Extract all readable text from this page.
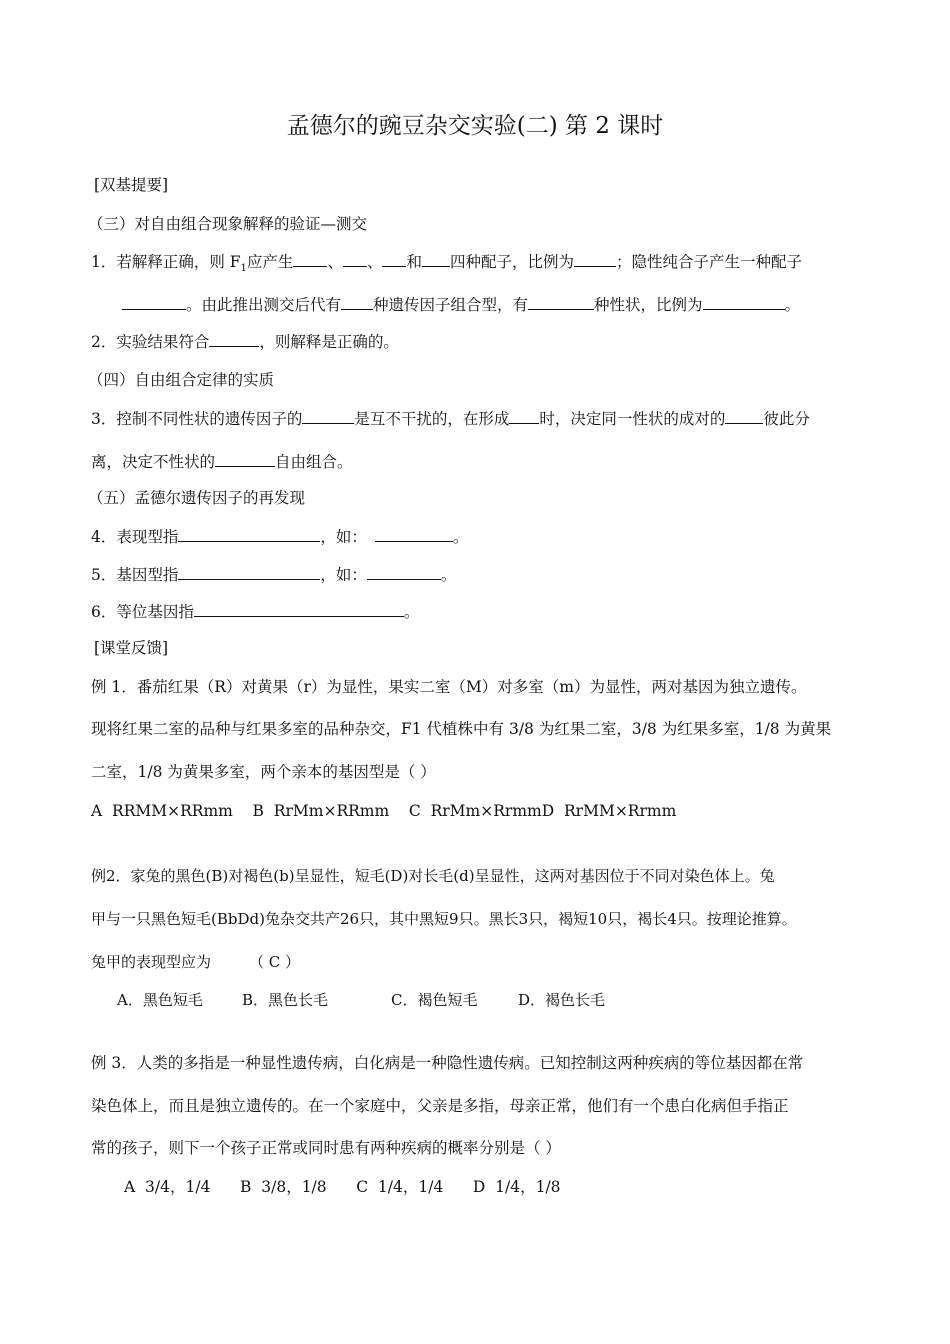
孟德尔的豌豆杂交实验(二) 第 2 课时
[双基提要]
（三）对自由组合现象解释的验证—测交
1．若解释正确，则 $F_1$应产生 、 、 和 四种配子，比例为	；隐性纯合子产生一种配子
。由此推出测交后代有 种遗传因子组合型，有	种性状，比例为	。
2．实验结果符合	，则解释是正确的。
（四）自由组合定律的实质
3．控制不同性状的遗传因子的	是互不干扰的，在形成 时，决定同一性状的成对的 彼此分
离，决定不性状的	自由组合。
（五）孟德尔遗传因子的再发现
4．表现型指	，如：	。
5．基因型指	，如：	。
6．等位基因指	。
[课堂反馈]
例 1．番茄红果（R）对黄果（r）为显性，果实二室（M）对多室（m）为显性，两对基因为独立遗传。
现将红果二室的品种与红果多室的品种杂交，F1 代植株中有 3/8 为红果二室，3/8 为红果多室，1/8 为黄果
二室，1/8 为黄果多室，两个亲本的基因型是（ ）
A  RRMM×RRmm    B  RrMm×RRmm    C  RrMm×RrmmD  RrMM×Rrmm
例2．家兔的黑色(B)对褐色(b)呈显性，短毛(D)对长毛(d)呈显性，这两对基因位于不同对染色体上。兔
甲与一只黑色短毛(BbDd)兔杂交共产26只，其中黑短9只。黑长3只，褐短10只，褐长4只。按理论推算。
兔甲的表现型应为	（ C ）
A．黑色短毛	B．黑色长毛	C．褐色短毛	D．褐色长毛
例 3．人类的多指是一种显性遗传病，白化病是一种隐性遗传病。已知控制这两种疾病的等位基因都在常
染色体上，而且是独立遗传的。在一个家庭中，父亲是多指，母亲正常，他们有一个患白化病但手指正
常的孩子，则下一个孩子正常或同时患有两种疾病的概率分别是（ ）
A  3/4，1/4      B  3/8，1/8      C  1/4，1/4      D  1/4，1/8
